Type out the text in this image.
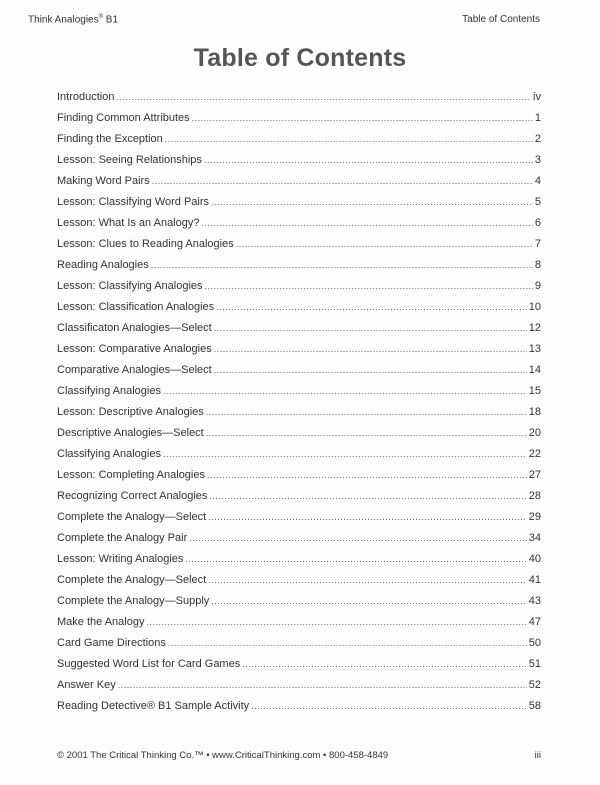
Think Analogies® B1	Table of Contents
Table of Contents
Introduction .....	iv
Finding Common Attributes .....	1
Finding the Exception .....	2
Lesson: Seeing Relationships .....	3
Making Word Pairs .....	4
Lesson: Classifying Word Pairs .....	5
Lesson: What Is an Analogy? .....	6
Lesson: Clues to Reading Analogies .....	7
Reading Analogies .....	8
Lesson: Classifying Analogies .....	9
Lesson: Classification Analogies .....	10
Classificaton Analogies—Select .....	12
Lesson: Comparative Analogies .....	13
Comparative Analogies—Select .....	14
Classifying Analogies .....	15
Lesson: Descriptive Analogies .....	18
Descriptive Analogies—Select .....	20
Classifying Analogies .....	22
Lesson: Completing Analogies .....	27
Recognizing Correct Analogies .....	28
Complete the Analogy—Select .....	29
Complete the Analogy Pair .....	34
Lesson: Writing Analogies .....	40
Complete the Analogy—Select .....	41
Complete the Analogy—Supply .....	43
Make the Analogy .....	47
Card Game Directions .....	50
Suggested Word List for Card Games .....	51
Answer Key .....	52
Reading Detective® B1 Sample Activity .....	58
© 2001 The Critical Thinking Co.™ • www.CriticalThinking.com • 800-458-4849	iii
